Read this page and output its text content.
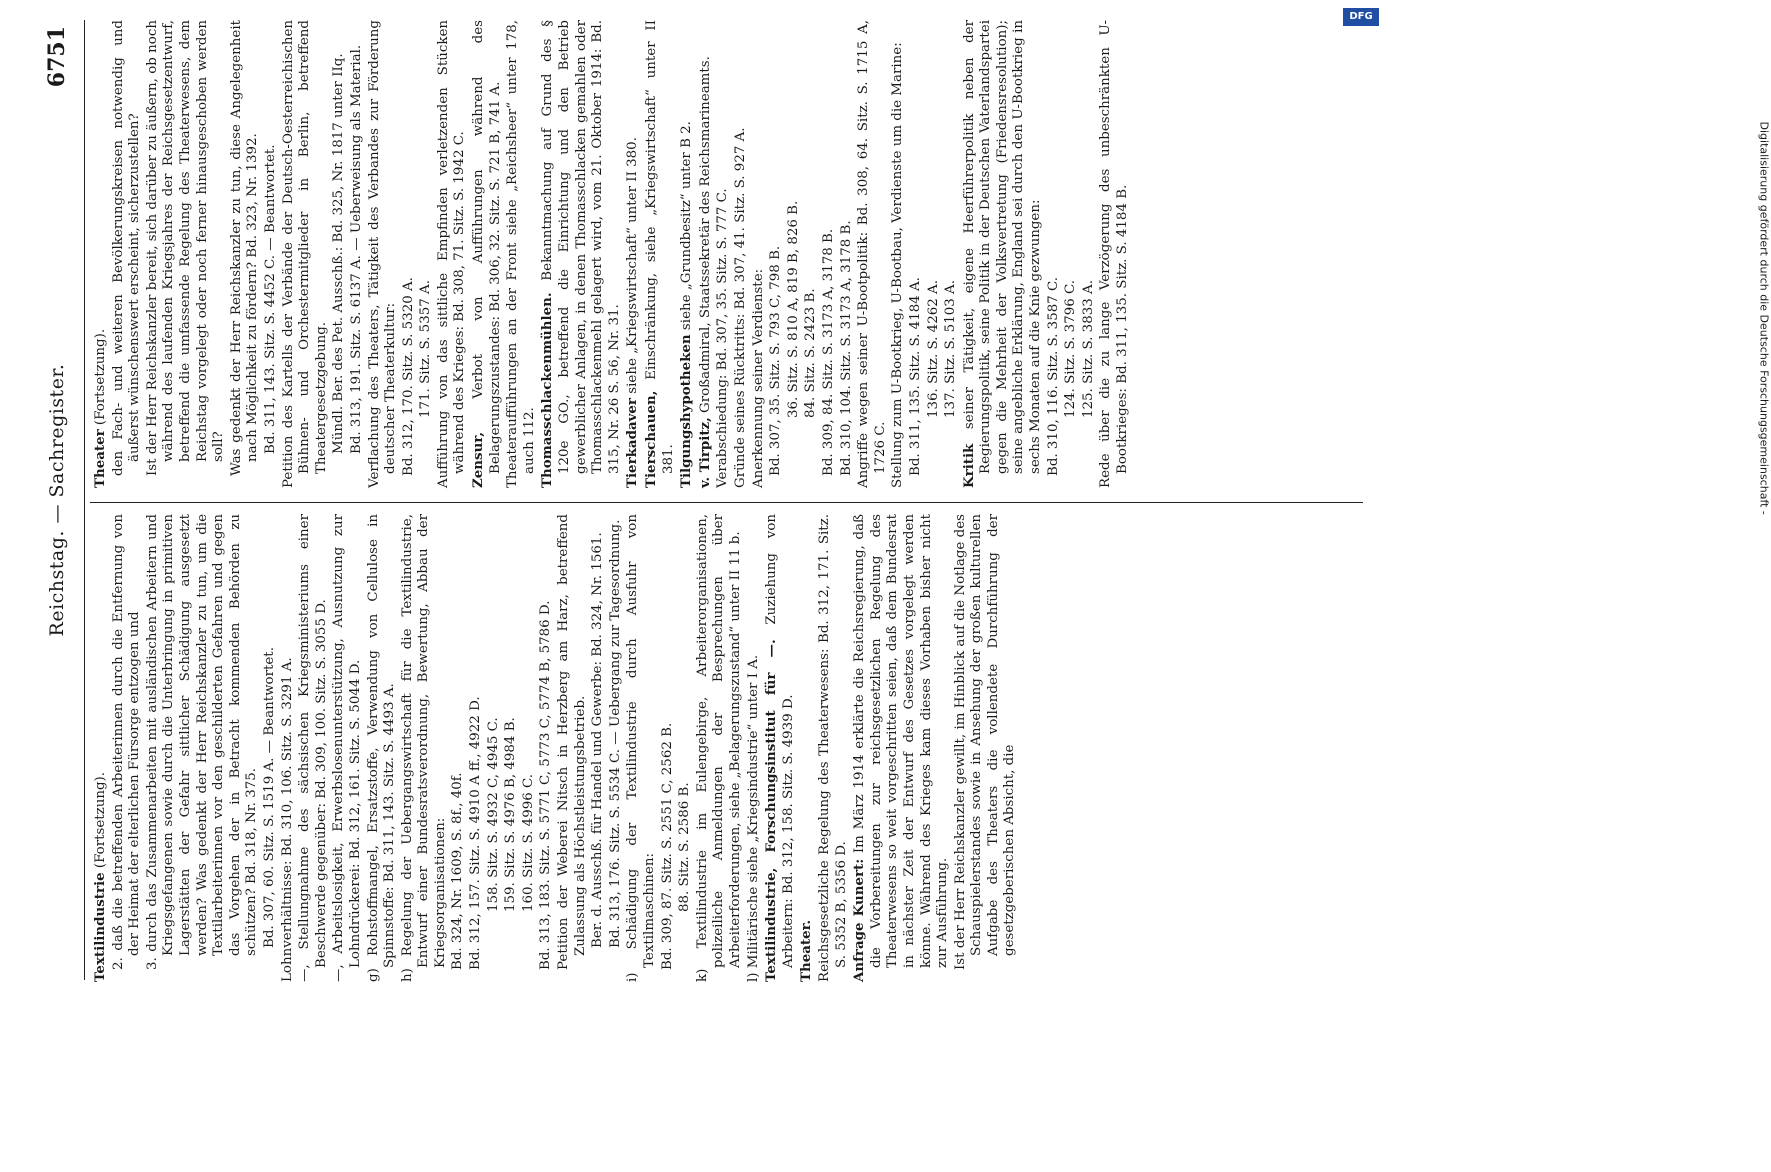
Reichstag. — Sachregister.
6751

Textilindustrie (Fortsetzung). 2. daß die betreffenden Arbeiterinnen durch die Entfernung von der Heimat der elterlichen Fürsorge entzogen und 3. durch das Zusammenarbeiten mit ausländischen Arbeitern und Kriegsgefangenen sowie durch die Unterbringung in primitiven Lagerstätten der Gefahr sittlicher Schädigung ausgesetzt werden? Was gedenkt der Herr Reichskanzler zu tun, um die Textilarbeiterinnen vor den geschilderten Gefahren und gegen das Vorgehen der in Betracht kommenden Behörden zu schützen? Bd. 318, Nr. 375. Bd. 307, 60. Sitz. S. 1519 A. — Beantwortet. Lohnverhältnisse: Bd. 310, 106. Sitz. S. 3291 A. —, Stellungnahme des sächsischen Kriegsministeriums einer Beschwerde gegenüber: Bd. 309, 100. Sitz. S. 3055 D. —, Arbeitslosigkeit, Erwerbslosenunterstützung, Ausnutzung zur Lohndrückerei: Bd. 312, 161. Sitz. S. 5044 D. g) Rohstoffmangel, Ersatzstoffe, Verwendung von Cellulose in Spinnstoffe: Bd. 311, 143. Sitz. S. 4493 A. h) Regelung der Uebergangswirtschaft für die Textilindustrie, Entwurf einer Bundesratsverordnung, Bewertung, Abbau der Kriegsorganisationen: Bd. 324, Nr. 1609, S. 8f., 40f. Bd. 312, 157. Sitz. S. 4910 A ff., 4922 D. 158. Sitz. S. 4932 C, 4945 C. 159. Sitz. S. 4976 B, 4984 B. 160. Sitz. S. 4996 C. Bd. 313, 183. Sitz. S. 5771 C, 5773 C, 5774 B, 5786 D. Petition der Weberei Nitsch in Herzberg am Harz, betreffend Zulassung als Höchstleistungsbetrieb. Ber. d. Ausschß. für Handel und Gewerbe: Bd. 324, Nr. 1561. Bd. 313, 176. Sitz. S. 5534 C. — Uebergang zur Tagesordnung. i) Schädigung der Textilindustrie durch Ausfuhr von Textilmaschinen: Bd. 309, 87. Sitz. S. 2551 C, 2562 B. 88. Sitz. S. 2586 B. k) Textilindustrie im Eulengebirge, Arbeiterorganisationen, polizeiliche Anmeldungen der Besprechungen über Arbeiterforderungen, siehe „Belagerungszustand“ unter II 11 b. l) Militärische siehe „Kriegsindustrie“ unter I A. Textilindustrie, Forschungsinstitut für —. Zuziehung von Arbeitern: Bd. 312, 158. Sitz. S. 4939 D. Theater. Reichsgesetzliche Regelung des Theaterwesens: Bd. 312, 171. Sitz. S. 5352 B, 5356 D. Anfrage Kunert: Im März 1914 erklärte die Reichsregierung, daß die Vorbereitungen zur reichsgesetzlichen Regelung des Theaterwesens so weit vorgeschritten seien, daß dem Bundesrat in nächster Zeit der Entwurf des Gesetzes vorgelegt werden könne. Während des Krieges kam dieses Vorhaben bisher nicht zur Ausführung. Ist der Herr Reichskanzler gewillt, im Hinblick auf die Notlage des Schauspielerstandes sowie in Ansehung der großen kulturellen Aufgabe des Theaters die vollendete Durchführung der gesetzgeberischen Absicht, die

Theater (Fortsetzung). den Fach- und weiteren Bevölkerungskreisen notwendig und äußerst wünschenswert erscheint, sicherzustellen? Ist der Herr Reichskanzler bereit, sich darüber zu äußern, ob noch während des laufenden Kriegsjahres der Reichsgesetzentwurf, betreffend die umfassende Regelung des Theaterwesens, dem Reichstag vorgelegt oder noch ferner hinausgeschoben werden soll? Was gedenkt der Herr Reichskanzler zu tun, diese Angelegenheit nach Möglichkeit zu fördern? Bd. 323, Nr. 1392. Bd. 311, 143. Sitz. S. 4452 C. — Beantwortet. Petition des Kartells der Verbände der Deutsch-Oesterreichischen Bühnen- und Orchestermitglieder in Berlin, betreffend Theatergesetzgebung. Mündl. Ber. des Pet. Ausschß.: Bd. 325, Nr. 1817 unter IIq. Bd. 313, 191. Sitz. S. 6137 A. — Ueberweisung als Material. Verflachung des Theaters, Tätigkeit des Verbandes zur Förderung deutscher Theaterkultur: Bd. 312, 170. Sitz. S. 5320 A. 171. Sitz. S. 5357 A. Aufführung von das sittliche Empfinden verletzenden Stücken während des Krieges: Bd. 308, 71. Sitz. S. 1942 C. Zensur, Verbot von Aufführungen während des Belagerungszustandes: Bd. 306, 32. Sitz. S. 721 B, 741 A. Theateraufführungen an der Front siehe „Reichsheer“ unter 178, auch 112. Thomasschlackenmühlen. Bekanntmachung auf Grund des § 120e GO., betreffend die Einrichtung und den Betrieb gewerblicher Anlagen, in denen Thomasschlacken gemahlen oder Thomasschlackenmehl gelagert wird, vom 21. Oktober 1914: Bd. 315, Nr. 26 S. 56, Nr. 31. Tierkadaver siehe „Kriegswirtschaft“ unter II 380.

Tierschauen, Einschränkung, siehe „Kriegswirtschaft“ unter II 381. Tilgungshypotheken siehe „Grundbesitz“ unter B 2.

v. Tirpitz, Großadmiral, Staatssekretär des Reichsmarineamts. Verabschiedung: Bd. 307, 35. Sitz. S. 777 C. Gründe seines Rücktritts: Bd. 307, 41. Sitz. S. 927 A. Anerkennung seiner Verdienste: Bd. 307, 35. Sitz. S. 793 C, 798 B. 36. Sitz. S. 810 A, 819 B, 826 B. 84. Sitz. S. 2423 B. Bd. 309, 84. Sitz. S. 3173 A, 3178 B. Bd. 310, 104. Sitz. S. 3173 A, 3178 B. Angriffe wegen seiner U-Bootpolitik: Bd. 308, 64. Sitz. S. 1715 A, 1726 C. Stellung zum U-Bootkrieg, U-Bootbau, Verdienste um die Marine: Bd. 311, 135. Sitz. S. 4184 A. 136. Sitz. S. 4262 A. 137. Sitz. S. 5103 A.

Kritik seiner Tätigkeit, eigene Heerführerpolitik neben der Regierungspolitik, seine Politik in der Deutschen Vaterlandspartei gegen die Mehrheit der Volksvertretung (Friedensresolution); seine angebliche Erklärung, England sei durch den U-Bootkrieg in sechs Monaten auf die Knie gezwungen: Bd. 310, 116. Sitz. S. 3587 C. 124. Sitz. S. 3796 C. 125. Sitz. S. 3833 A. Rede über die zu lange Verzögerung des unbeschränkten U-Bootkrieges: Bd. 311, 135. Sitz. S. 4184 B.	Digitalisierung gefördert durch die Deutsche Forschungsgemeinschaft -
DFG
